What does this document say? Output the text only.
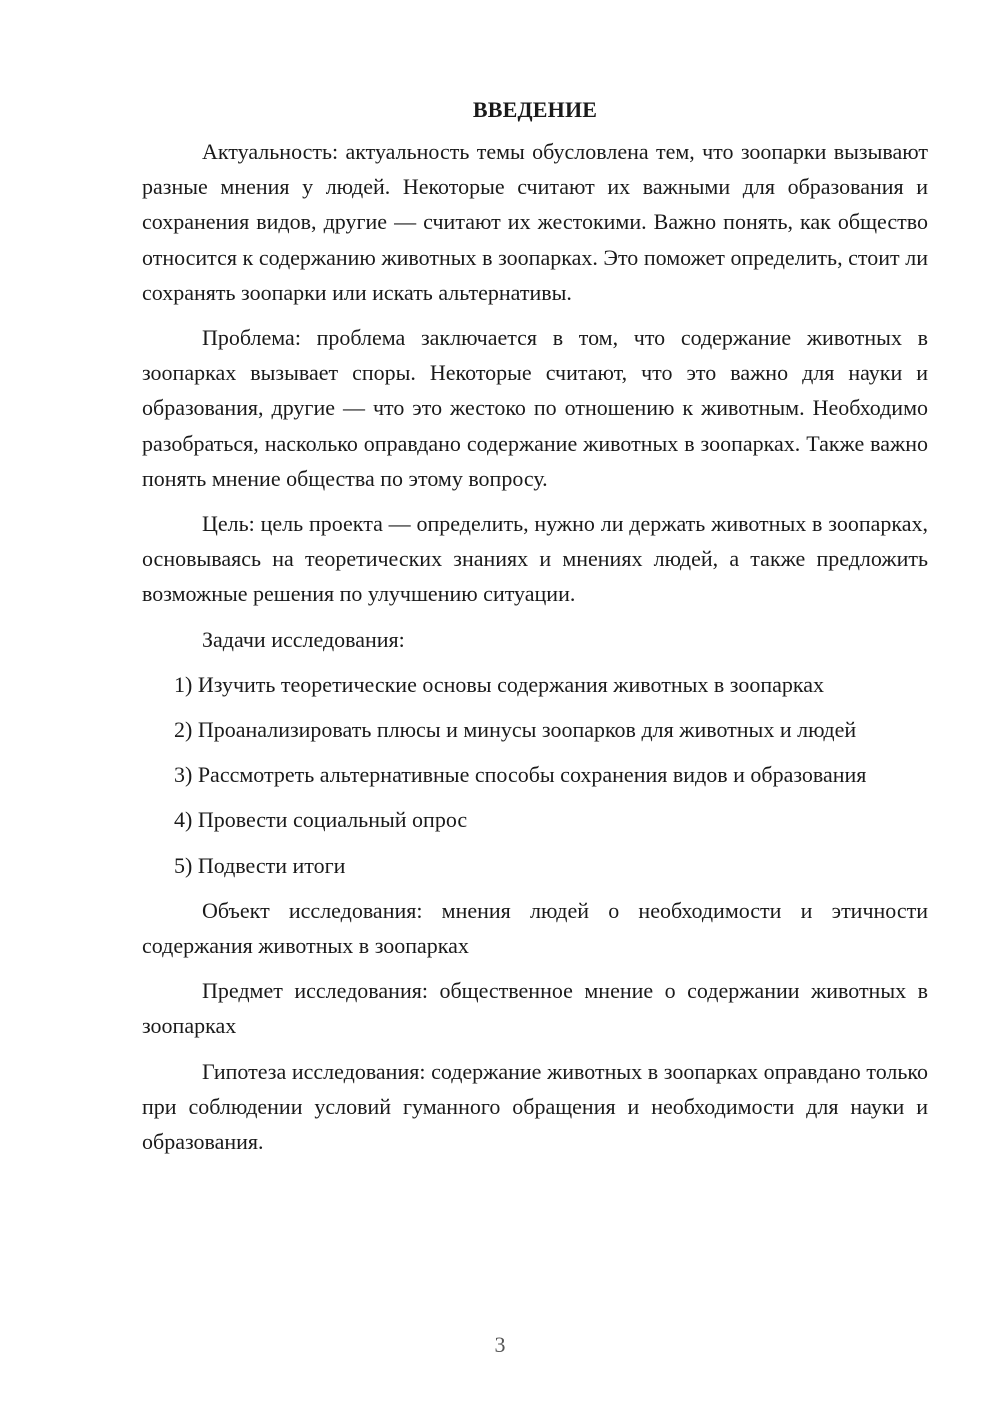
ВВЕДЕНИЕ

Актуальность: актуальность темы обусловлена тем, что зоопарки вызывают разные мнения у людей. Некоторые считают их важными для образования и сохранения видов, другие — считают их жестокими. Важно понять, как общество относится к содержанию животных в зоопарках. Это поможет определить, стоит ли сохранять зоопарки или искать альтернативы.

Проблема: проблема заключается в том, что содержание животных в зоопарках вызывает споры. Некоторые считают, что это важно для науки и образования, другие — что это жестоко по отношению к животным. Необходимо разобраться, насколько оправдано содержание животных в зоопарках. Также важно понять мнение общества по этому вопросу.

Цель: цель проекта — определить, нужно ли держать животных в зоопарках, основываясь на теоретических знаниях и мнениях людей, а также предложить возможные решения по улучшению ситуации.

Задачи исследования:

1) Изучить теоретические основы содержания животных в зоопарках

2) Проанализировать плюсы и минусы зоопарков для животных и людей

3) Рассмотреть альтернативные способы сохранения видов и образования

4) Провести социальный опрос

5) Подвести итоги

Объект исследования: мнения людей о необходимости и этичности содержания животных в зоопарках

Предмет исследования: общественное мнение о содержании животных в зоопарках

Гипотеза исследования: содержание животных в зоопарках оправдано только при соблюдении условий гуманного обращения и необходимости для науки и образования.

3
